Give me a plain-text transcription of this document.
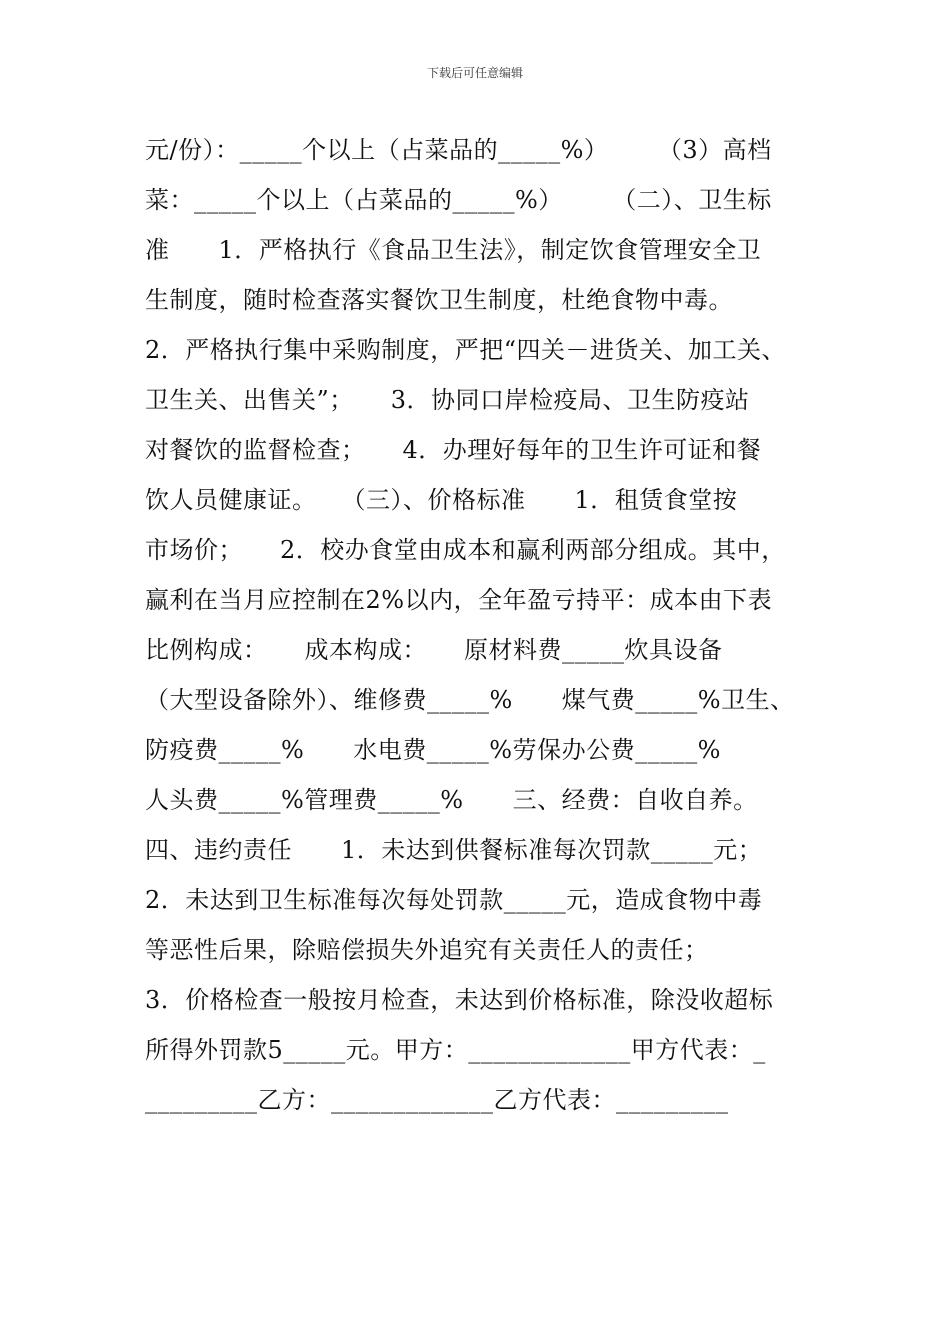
下载后可任意编辑
元/份）：_____个以上（占菜品的_____%）　　　（3）高档
菜：_____个以上（占菜品的_____%）　　　（二）、卫生标
准　　1．严格执行《食品卫生法》，制定饮食管理安全卫
生制度，随时检查落实餐饮卫生制度，杜绝食物中毒。
2．严格执行集中采购制度，严把“四关－进货关、加工关、
卫生关、出售关”；　　3．协同口岸检疫局、卫生防疫站
对餐饮的监督检查；　　4．办理好每年的卫生许可证和餐
饮人员健康证。　　（三）、价格标准　　1．租赁食堂按
市场价；　　2．校办食堂由成本和赢利两部分组成。其中，
赢利在当月应控制在2%以内，全年盈亏持平：成本由下表
比例构成：　　成本构成：　　原材料费_____炊具设备
（大型设备除外）、维修费_____%　　煤气费_____%卫生、
防疫费_____%　　水电费_____%劳保办公费_____%
人头费_____%管理费_____%　　三、经费：自收自养。
四、违约责任　　1．未达到供餐标准每次罚款_____元；
2．未达到卫生标准每次每处罚款_____元，造成食物中毒
等恶性后果，除赔偿损失外追究有关责任人的责任；
3．价格检查一般按月检查，未达到价格标准，除没收超标
所得外罚款5_____元。甲方：_____________甲方代表：_
_________乙方：_____________乙方代表：_________
